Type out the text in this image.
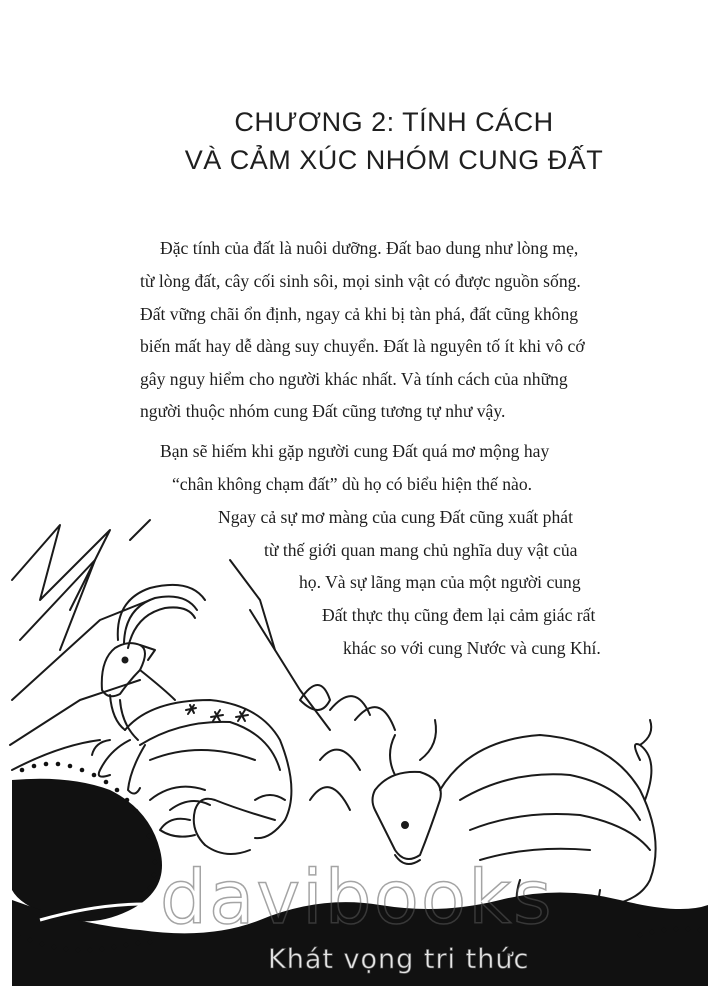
CHƯƠNG 2: TÍNH CÁCH
VÀ CẢM XÚC NHÓM CUNG ĐẤT
Đặc tính của đất là nuôi dưỡng. Đất bao dung như lòng mẹ,
từ lòng đất, cây cối sinh sôi, mọi sinh vật có được nguồn sống.
Đất vững chãi ổn định, ngay cả khi bị tàn phá, đất cũng không
biến mất hay dễ dàng suy chuyển. Đất là nguyên tố ít khi vô cớ
gây nguy hiểm cho người khác nhất. Và tính cách của những
người thuộc nhóm cung Đất cũng tương tự như vậy.
Bạn sẽ hiếm khi gặp người cung Đất quá mơ mộng hay
“chân không chạm đất” dù họ có biểu hiện thế nào.
Ngay cả sự mơ màng của cung Đất cũng xuất phát
từ thế giới quan mang chủ nghĩa duy vật của
họ. Và sự lãng mạn của một người cung
Đất thực thụ cũng đem lại cảm giác rất
khác so với cung Nước và cung Khí.
davibooks
Khát vọng tri thức
